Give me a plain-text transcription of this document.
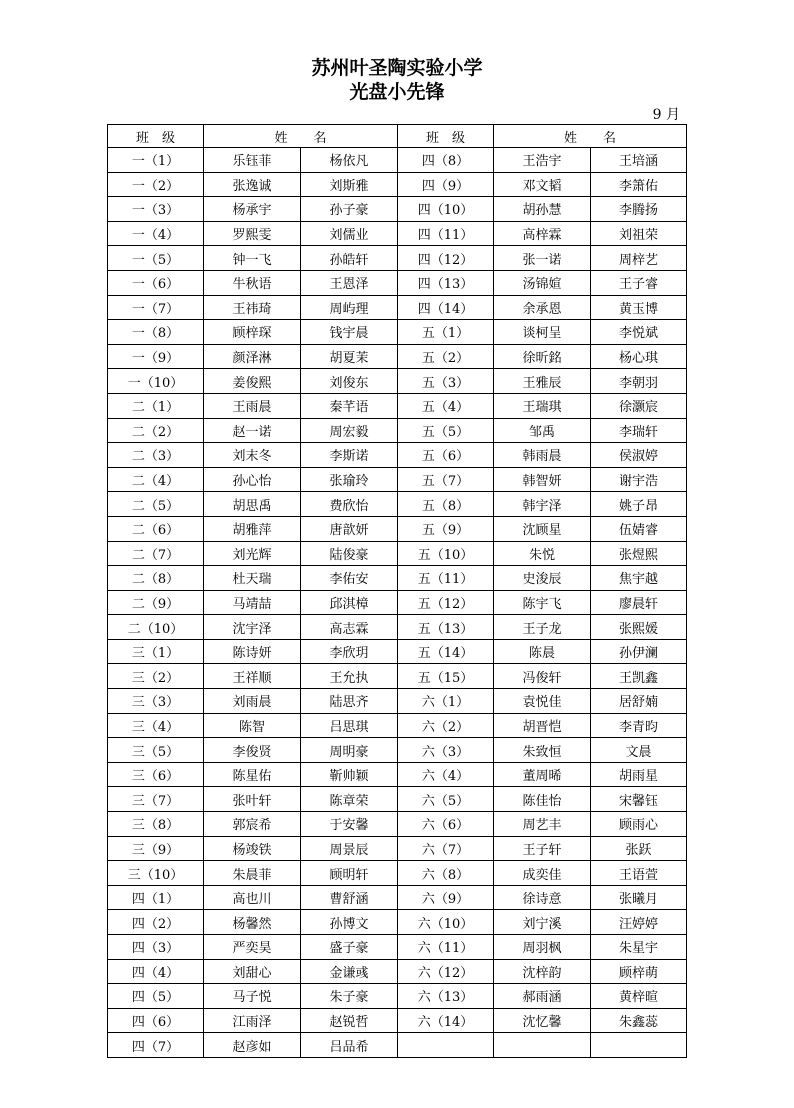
苏州叶圣陶实验小学
光盘小先锋
9 月
班　级	姓　　名		班　级	姓　　名	
一（1）	乐钰菲	杨依凡	四（8）	王浩宇	王培涵
一（2）	张逸诚	刘斯雅	四（9）	邓文韬	李箫佑
一（3）	杨承宇	孙子豪	四（10）	胡孙慧	李腾扬
一（4）	罗熙雯	刘儒业	四（11）	高梓霖	刘祖荣
一（5）	钟一飞	孙皓轩	四（12）	张一诺	周梓艺
一（6）	牛秋语	王恩泽	四（13）	汤锦媗	王子睿
一（7）	王祎琦	周屿理	四（14）	余承恩	黄玉博
一（8）	顾梓琛	钱宇晨	五（1）	谈柯呈	李悦斌
一（9）	颜泽淋	胡夏茉	五（2）	徐昕銘	杨心琪
一（10）	姜俊熙	刘俊东	五（3）	王雅辰	李朝羽
二（1）	王雨晨	秦芊语	五（4）	王瑞琪	徐灏宸
二（2）	赵一诺	周宏毅	五（5）	邹禹	李瑞轩
二（3）	刘末冬	李斯诺	五（6）	韩雨晨	侯淑婷
二（4）	孙心怡	张瑜玲	五（7）	韩智妍	谢宇浩
二（5）	胡思禹	费欣怡	五（8）	韩宇泽	姚子昂
二（6）	胡雅萍	唐歆妍	五（9）	沈顾星	伍婧睿
二（7）	刘光辉	陆俊豪	五（10）	朱悦	张煜熙
二（8）	杜天瑞	李佑安	五（11）	史浚辰	焦宇越
二（9）	马靖喆	邱淇樟	五（12）	陈宇飞	廖晨轩
二（10）	沈宇泽	高志霖	五（13）	王子龙	张熙媛
三（1）	陈诗妍	李欣玥	五（14）	陈晨	孙伊澜
三（2）	王祥顺	王允执	五（15）	冯俊轩	王凯鑫
三（3）	刘雨晨	陆思齐	六（1）	袁悦佳	居舒婻
三（4）	陈智	吕思琪	六（2）	胡晋恺	李青昀
三（5）	李俊贤	周明豪	六（3）	朱致恒	文晨
三（6）	陈星佑	靳帅颖	六（4）	董周晞	胡雨星
三（7）	张叶轩	陈章荣	六（5）	陈佳怡	宋馨钰
三（8）	郭宸希	于安馨	六（6）	周艺丰	顾雨心
三（9）	杨竣铁	周景辰	六（7）	王子轩	张跃
三（10）	朱晨菲	顾明轩	六（8）	成奕佳	王语萱
四（1）	高也川	曹舒涵	六（9）	徐诗意	张曦月
四（2）	杨馨然	孙博文	六（10）	刘宁溪	汪婷婷
四（3）	严奕昊	盛子豪	六（11）	周羽枫	朱星宇
四（4）	刘甜心	金谦彧	六（12）	沈梓韵	顾梓萌
四（5）	马子悦	朱子豪	六（13）	郝雨涵	黄梓暄
四（6）	江雨泽	赵锐哲	六（14）	沈忆馨	朱鑫蕊
四（7）	赵彦如	吕品希			
